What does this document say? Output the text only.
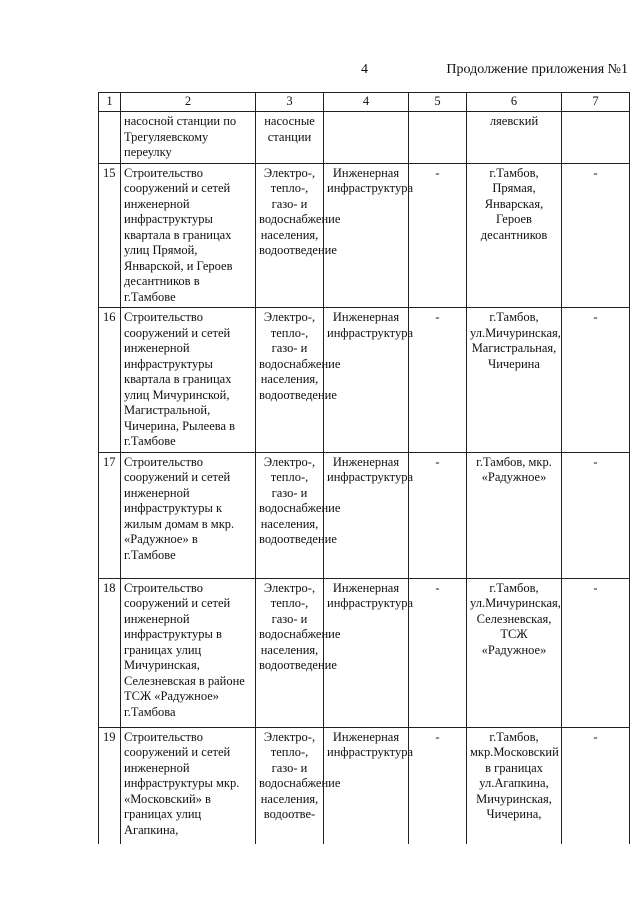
4	Продолжение приложения №1
1	2	3	4	5	6	7
	насосной станции по Трегуляевскому переулку	насосные станции			ляевский	
15	Строительство сооружений и сетей инженерной инфраструктуры квартала в границах улиц Прямой, Январской, и Героев десантников в г.Тамбове	Электро-, тепло-, газо- и водоснабжение населения, водоотведение	Инженерная инфраструктура	-	г.Тамбов, Прямая, Январская, Героев десантников	-
16	Строительство сооружений и сетей инженерной инфраструктуры квартала в границах улиц Мичуринской, Магистральной, Чичерина, Рылеева в г.Тамбове	Электро-, тепло-, газо- и водоснабжение населения, водоотведение	Инженерная инфраструктура	-	г.Тамбов, ул.Мичуринская, Магистральная, Чичерина	-
17	Строительство сооружений и сетей инженерной инфраструктуры к жилым домам в мкр. «Радужное» в г.Тамбове	Электро-, тепло-, газо- и водоснабжение населения, водоотведение	Инженерная инфраструктура	-	г.Тамбов, мкр. «Радужное»	-
18	Строительство сооружений и сетей инженерной инфраструктуры в границах улиц Мичуринская, Селезневская в районе ТСЖ «Радужное» г.Тамбова	Электро-, тепло-, газо- и водоснабжение населения, водоотведение	Инженерная инфраструктура	-	г.Тамбов, ул.Мичуринская, Селезневская, ТСЖ «Радужное»	-
19	Строительство сооружений и сетей инженерной инфраструктуры мкр. «Московский» в границах улиц Агапкина,	Электро-, тепло-, газо- и водоснабжение населения, водоотве-	Инженерная инфраструктура	-	г.Тамбов, мкр.Московский в границах ул.Агапкина, Мичуринская, Чичерина,	-
